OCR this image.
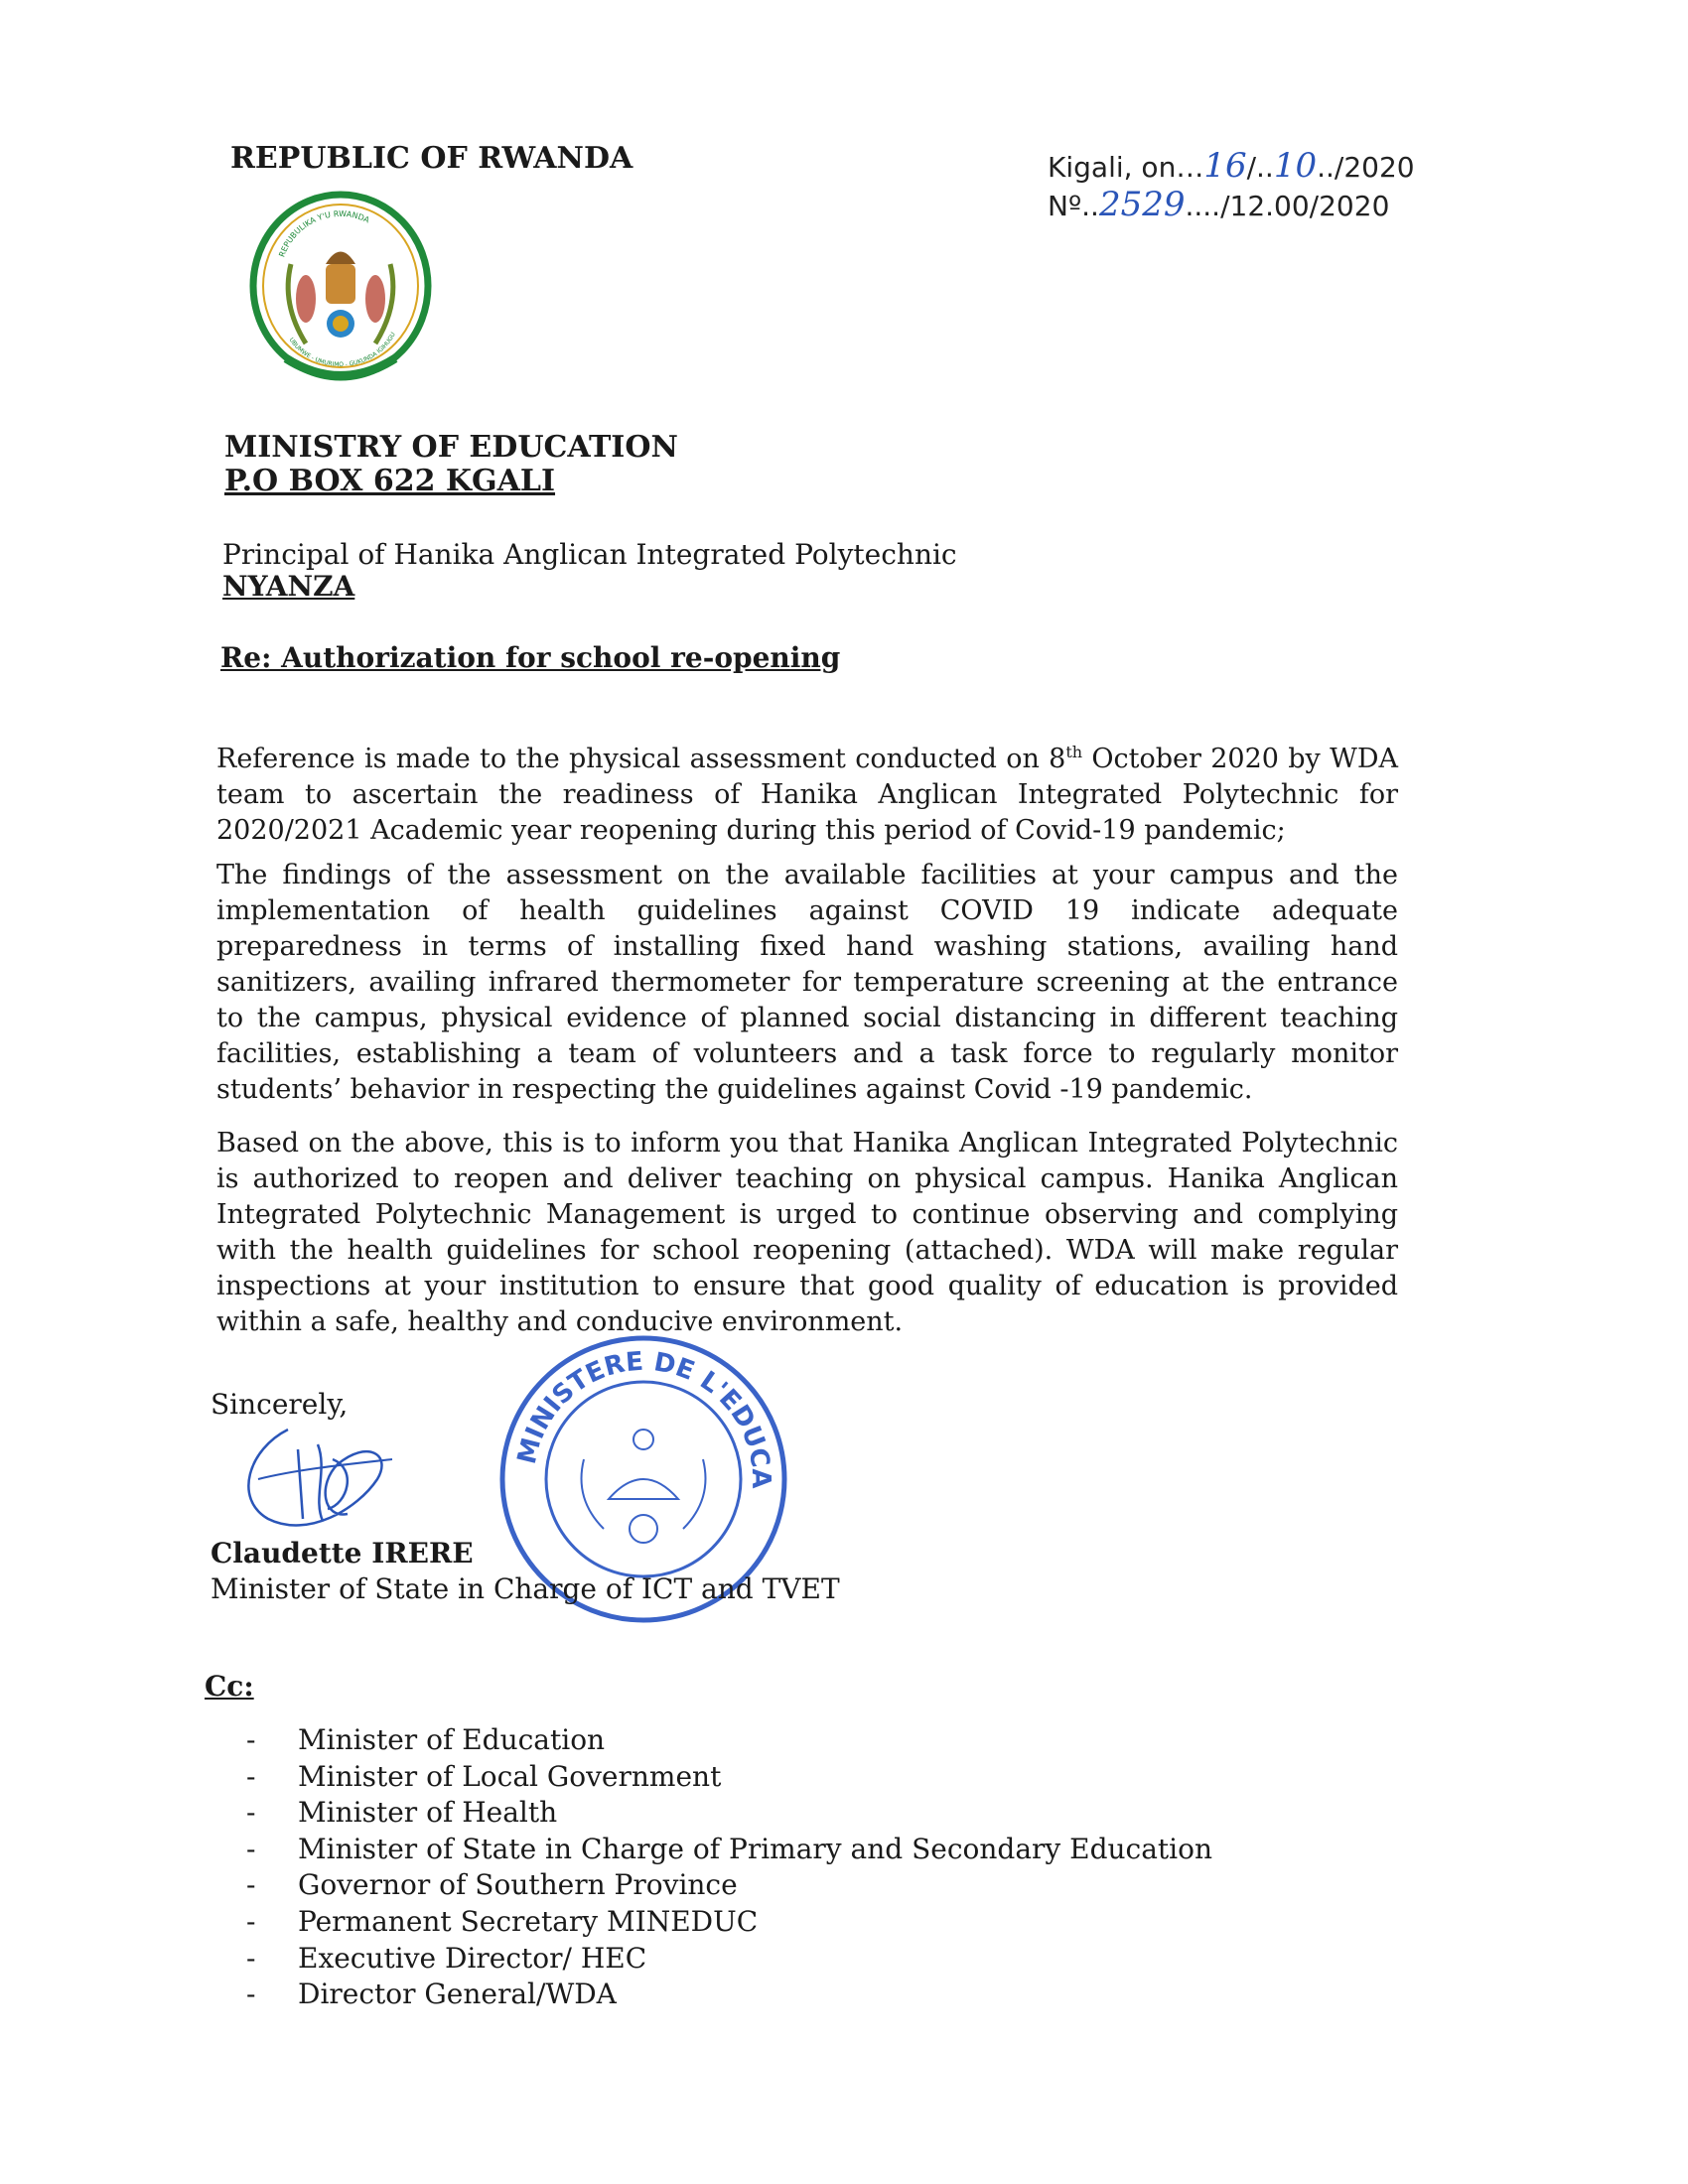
REPUBLIC OF RWANDA
REPUBULIKA Y'U RWANDA
UBUMWE - UMURIMO - GUKUNDA IGIHUGU
Kigali, on…16/..10../2020
Nº..2529..../12.00/2020
MINISTRY OF EDUCATION
P.O BOX 622 KGALI
Principal of Hanika Anglican Integrated Polytechnic
NYANZA
Re: Authorization for school re-opening
Reference is made to the physical assessment conducted on 8th October 2020 by WDA team to ascertain the readiness of Hanika Anglican Integrated Polytechnic for 2020/2021 Academic year reopening during this period of Covid-19 pandemic;
The findings of the assessment on the available facilities at your campus and the implementation of health guidelines against COVID 19 indicate adequate preparedness in terms of installing fixed hand washing stations, availing hand sanitizers, availing infrared thermometer for temperature screening at the entrance to the campus, physical evidence of planned social distancing in different teaching facilities, establishing a team of volunteers and a task force to regularly monitor students’ behavior in respecting the guidelines against Covid -19 pandemic.
Based on the above, this is to inform you that Hanika Anglican Integrated Polytechnic is authorized to reopen and deliver teaching on physical campus. Hanika Anglican Integrated Polytechnic Management is urged to continue observing and complying with the health guidelines for school reopening (attached). WDA will make regular inspections at your institution to ensure that good quality of education is provided within a safe, healthy and conducive environment.
Sincerely,
MINISTERE DE L'EDUCA
Claudette IRERE
Minister of State in Charge of ICT and TVET
Cc:
- Minister of Education
- Minister of Local Government
- Minister of Health
- Minister of State in Charge of Primary and Secondary Education
- Governor of Southern Province
- Permanent Secretary MINEDUC
- Executive Director/ HEC
- Director General/WDA
